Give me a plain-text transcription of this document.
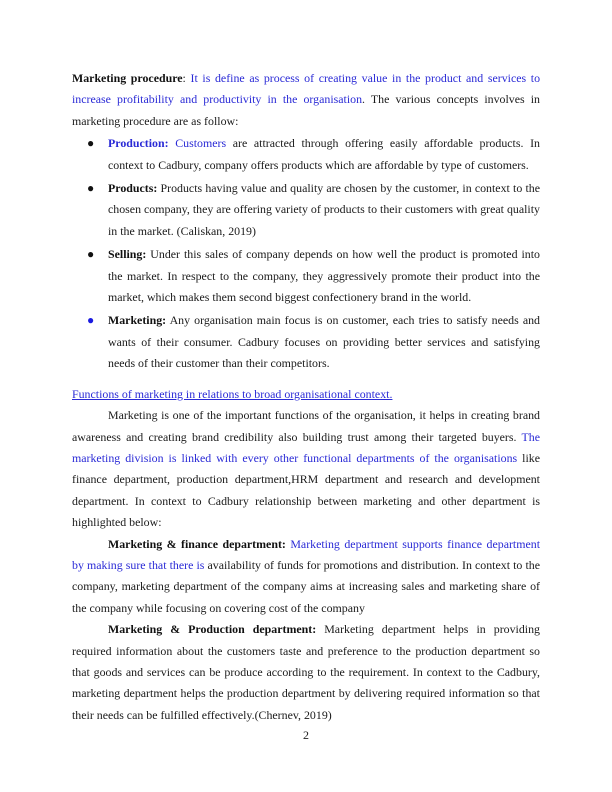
Marketing procedure: It is define as process of creating value in the product and services to increase profitability and productivity in the organisation. The various concepts involves in marketing procedure are as follow:

● Production: Customers are attracted through offering easily affordable products. In context to Cadbury, company offers products which are affordable by type of customers.
● Products: Products having value and quality are chosen by the customer, in context to the chosen company, they are offering variety of products to their customers with great quality in the market. (Caliskan, 2019)
● Selling: Under this sales of company depends on how well the product is promoted into the market. In respect to the company, they aggressively promote their product into the market, which makes them second biggest confectionery brand in the world.
● Marketing: Any organisation main focus is on customer, each tries to satisfy needs and wants of their consumer. Cadbury focuses on providing better services and satisfying needs of their customer than their competitors.
Functions of marketing in relations to broad organisational context.

Marketing is one of the important functions of the organisation, it helps in creating brand awareness and creating brand credibility also building trust among their targeted buyers. The marketing division is linked with every other functional departments of the organisations like finance department, production department,HRM department and research and development department. In context to Cadbury relationship between marketing and other department is highlighted below:

Marketing & finance department: Marketing department supports finance department by making sure that there is availability of funds for promotions and distribution. In context to the company, marketing department of the company aims at increasing sales and marketing share of the company while focusing on covering cost of the company

Marketing & Production department: Marketing department helps in providing required information about the customers taste and preference to the production department so that goods and services can be produce according to the requirement. In context to the Cadbury, marketing department helps the production department by delivering required information so that their needs can be fulfilled effectively.(Chernev, 2019)

2
